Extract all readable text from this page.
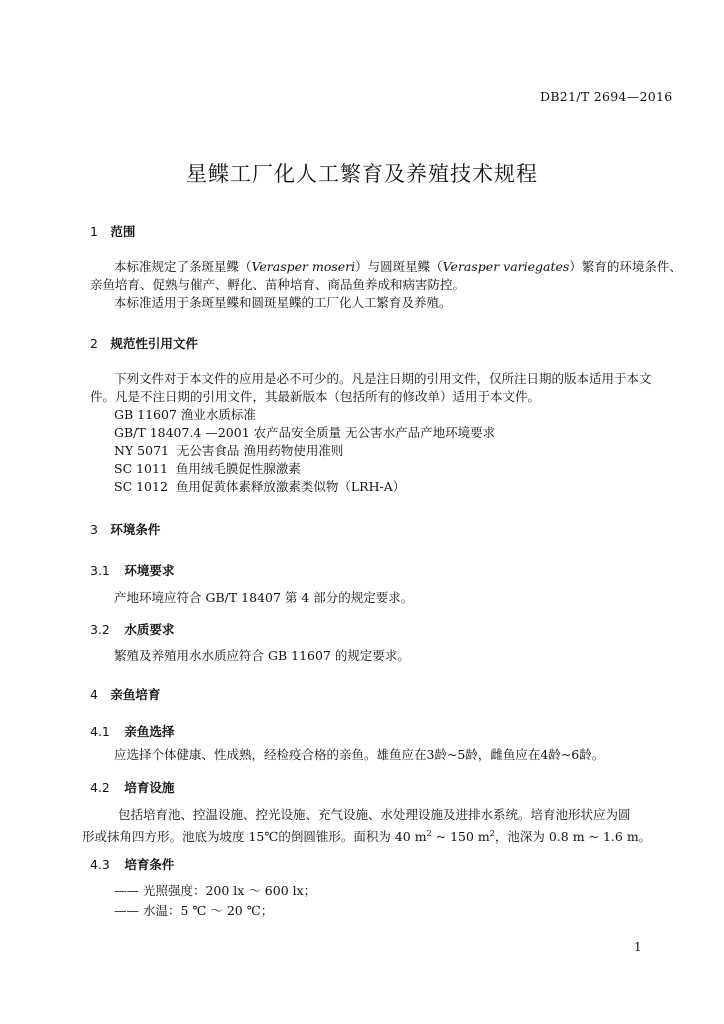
DB21/T 2694—2016
星鲽工厂化人工繁育及养殖技术规程
1 范围
本标准规定了条斑星鲽（Verasper moseri）与圆斑星鲽（Verasper variegates）繁育的环境条件、
亲鱼培育、促熟与催产、孵化、苗种培育、商品鱼养成和病害防控。
本标准适用于条斑星鲽和圆斑星鲽的工厂化人工繁育及养殖。
2 规范性引用文件
下列文件对于本文件的应用是必不可少的。凡是注日期的引用文件，仅所注日期的版本适用于本文
件。凡是不注日期的引用文件，其最新版本（包括所有的修改单）适用于本文件。
GB 11607 渔业水质标准
GB/T 18407.4 —2001 农产品安全质量 无公害水产品产地环境要求
NY 5071  无公害食品 渔用药物使用准则
SC 1011  鱼用绒毛膜促性腺激素
SC 1012  鱼用促黄体素释放激素类似物（LRH-A）
3 环境条件
3.1 环境要求
产地环境应符合 GB/T 18407 第 4 部分的规定要求。
3.2 水质要求
繁殖及养殖用水水质应符合 GB 11607 的规定要求。
4 亲鱼培育
4.1 亲鱼选择
应选择个体健康、性成熟，经检疫合格的亲鱼。雄鱼应在3龄~5龄，雌鱼应在4龄~6龄。
4.2 培育设施
包括培育池、控温设施、控光设施、充气设施、水处理设施及进排水系统。培育池形状应为圆
形或抹角四方形。池底为坡度 15℃的倒圆锥形。面积为 40 $m^2$ ~ 150 $m^2$，池深为 0.8 m ~ 1.6 m。
4.3 培育条件
—— 光照强度：200 lx ～ 600 lx；
—— 水温：5 ℃ ～ 20 ℃；
1
